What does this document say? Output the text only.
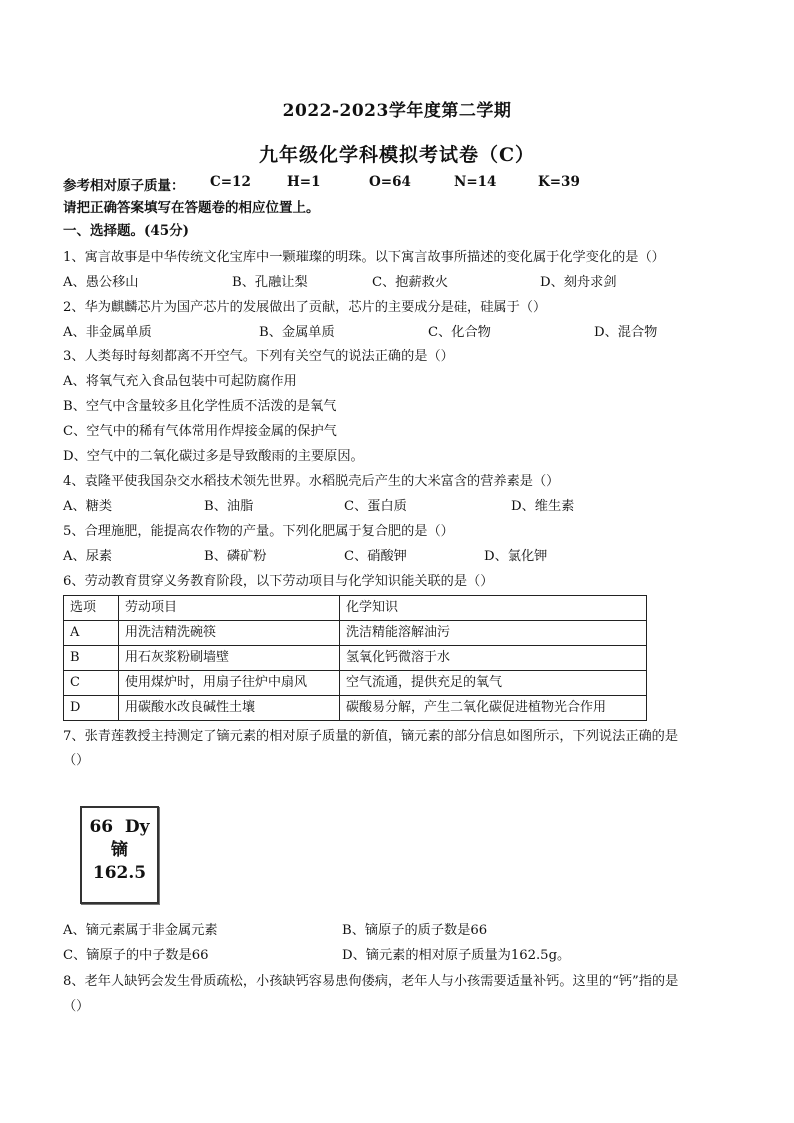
2022-2023学年度第二学期
九年级化学科模拟考试卷（C）
参考相对原子质量： C=12	H=1	O=64	N=14	K=39
请把正确答案填写在答题卷的相应位置上。
一、选择题。(45分)
1、寓言故事是中华传统文化宝库中一颗璀璨的明珠。以下寓言故事所描述的变化属于化学变化的是（）
A、愚公移山	B、孔融让梨	C、抱薪救火	D、刻舟求剑
2、华为麒麟芯片为国产芯片的发展做出了贡献，芯片的主要成分是硅，硅属于（）
A、非金属单质	B、金属单质	C、化合物	D、混合物
3、人类每时每刻都离不开空气。下列有关空气的说法正确的是（）
A、将氧气充入食品包装中可起防腐作用
B、空气中含量较多且化学性质不活泼的是氧气
C、空气中的稀有气体常用作焊接金属的保护气
D、空气中的二氧化碳过多是导致酸雨的主要原因。
4、袁隆平使我国杂交水稻技术领先世界。水稻脱壳后产生的大米富含的营养素是（）
A、糖类	B、油脂	C、蛋白质	D、维生素
5、合理施肥，能提高农作物的产量。下列化肥属于复合肥的是（）
A、尿素	B、磷矿粉	C、硝酸钾	D、氯化钾
6、劳动教育贯穿义务教育阶段，以下劳动项目与化学知识能关联的是（）
选项	劳动项目	化学知识
A	用洗洁精洗碗筷	洗洁精能溶解油污
B	用石灰浆粉刷墙壁	氢氧化钙微溶于水
C	使用煤炉时，用扇子往炉中扇风	空气流通，提供充足的氧气
D	用碳酸水改良碱性土壤	碳酸易分解，产生二氧化碳促进植物光合作用
7、张青莲教授主持测定了镝元素的相对原子质量的新值，镝元素的部分信息如图所示，下列说法正确的是
（）
66  Dy
镝
162.5
A、镝元素属于非金属元素	B、镝原子的质子数是66
C、镝原子的中子数是66	D、镝元素的相对原子质量为162.5g。
8、老年人缺钙会发生骨质疏松，小孩缺钙容易患佝偻病，老年人与小孩需要适量补钙。这里的“钙”指的是
（）
